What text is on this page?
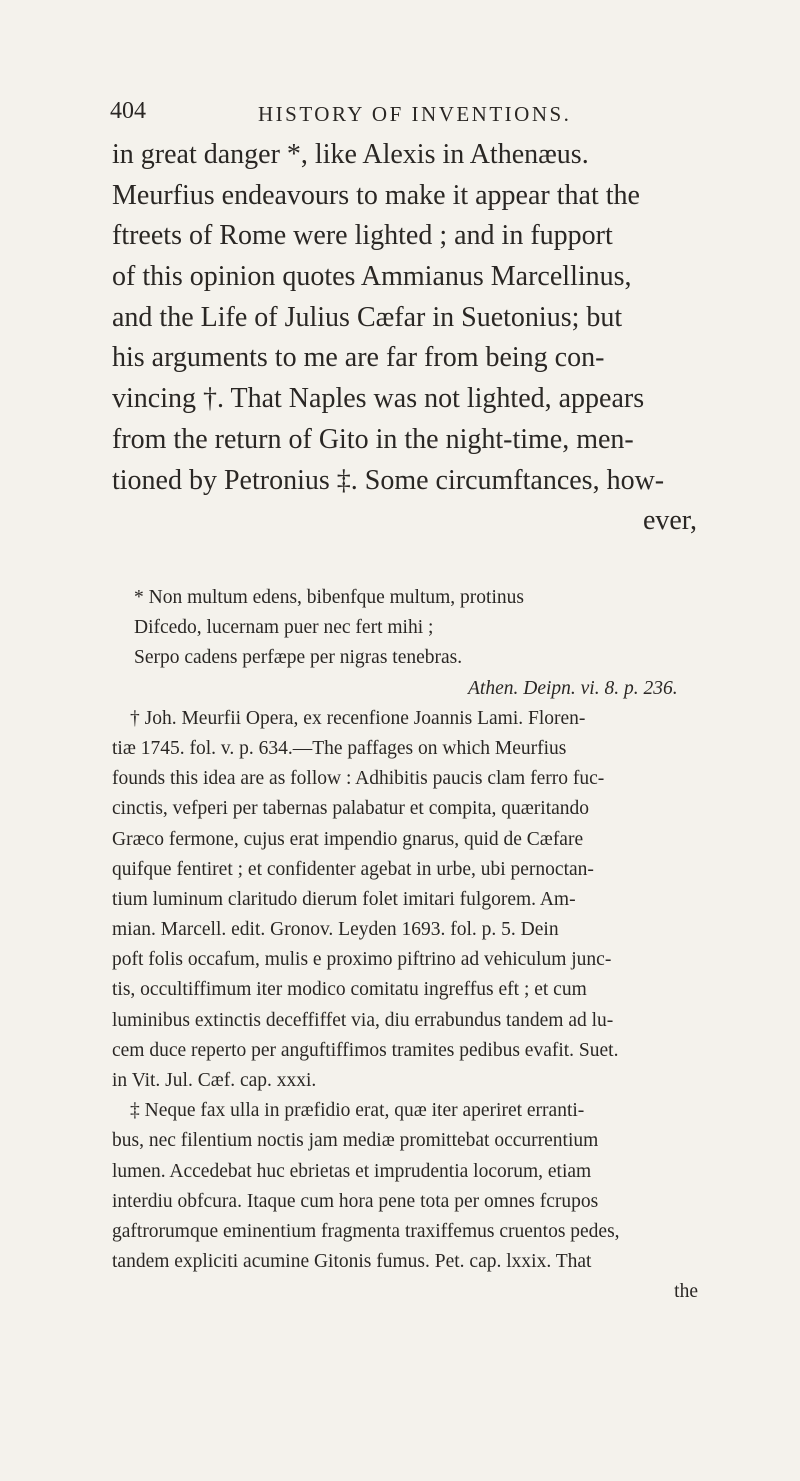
404	HISTORY OF INVENTIONS.
in great danger *, like Alexis in Athenæus.
Meurfius endeavours to make it appear that the
ftreets of Rome were lighted ; and in fupport
of this opinion quotes Ammianus Marcellinus,
and the Life of Julius Cæfar in Suetonius; but
his arguments to me are far from being con-
vincing †. That Naples was not lighted, appears
from the return of Gito in the night-time, men-
tioned by Petronius ‡. Some circumftances, how-
ever,
* Non multum edens, bibenfque multum, protinus
Difcedo, lucernam puer nec fert mihi ;
Serpo cadens perfæpe per nigras tenebras.
Athen. Deipn. vi. 8. p. 236.
† Joh. Meurfii Opera, ex recenfione Joannis Lami. Floren-
tiæ 1745. fol. v. p. 634.—The paffages on which Meurfius
founds this idea are as follow : Adhibitis paucis clam ferro fuc-
cinctis, vefperi per tabernas palabatur et compita, quæritando
Græco fermone, cujus erat impendio gnarus, quid de Cæfare
quifque fentiret ; et confidenter agebat in urbe, ubi pernoctan-
tium luminum claritudo dierum folet imitari fulgorem. Am-
mian. Marcell. edit. Gronov. Leyden 1693. fol. p. 5. Dein
poft folis occafum, mulis e proximo piftrino ad vehiculum junc-
tis, occultiffimum iter modico comitatu ingreffus eft ; et cum
luminibus extinctis deceffiffet via, diu errabundus tandem ad lu-
cem duce reperto per anguftiffimos tramites pedibus evafit. Suet.
in Vit. Jul. Cæf. cap. xxxi.
‡ Neque fax ulla in præfidio erat, quæ iter aperiret erranti-
bus, nec filentium noctis jam mediæ promittebat occurrentium
lumen. Accedebat huc ebrietas et imprudentia locorum, etiam
interdiu obfcura. Itaque cum hora pene tota per omnes fcrupos
gaftrorumque eminentium fragmenta traxiffemus cruentos pedes,
tandem expliciti acumine Gitonis fumus. Pet. cap. lxxix. That
the
